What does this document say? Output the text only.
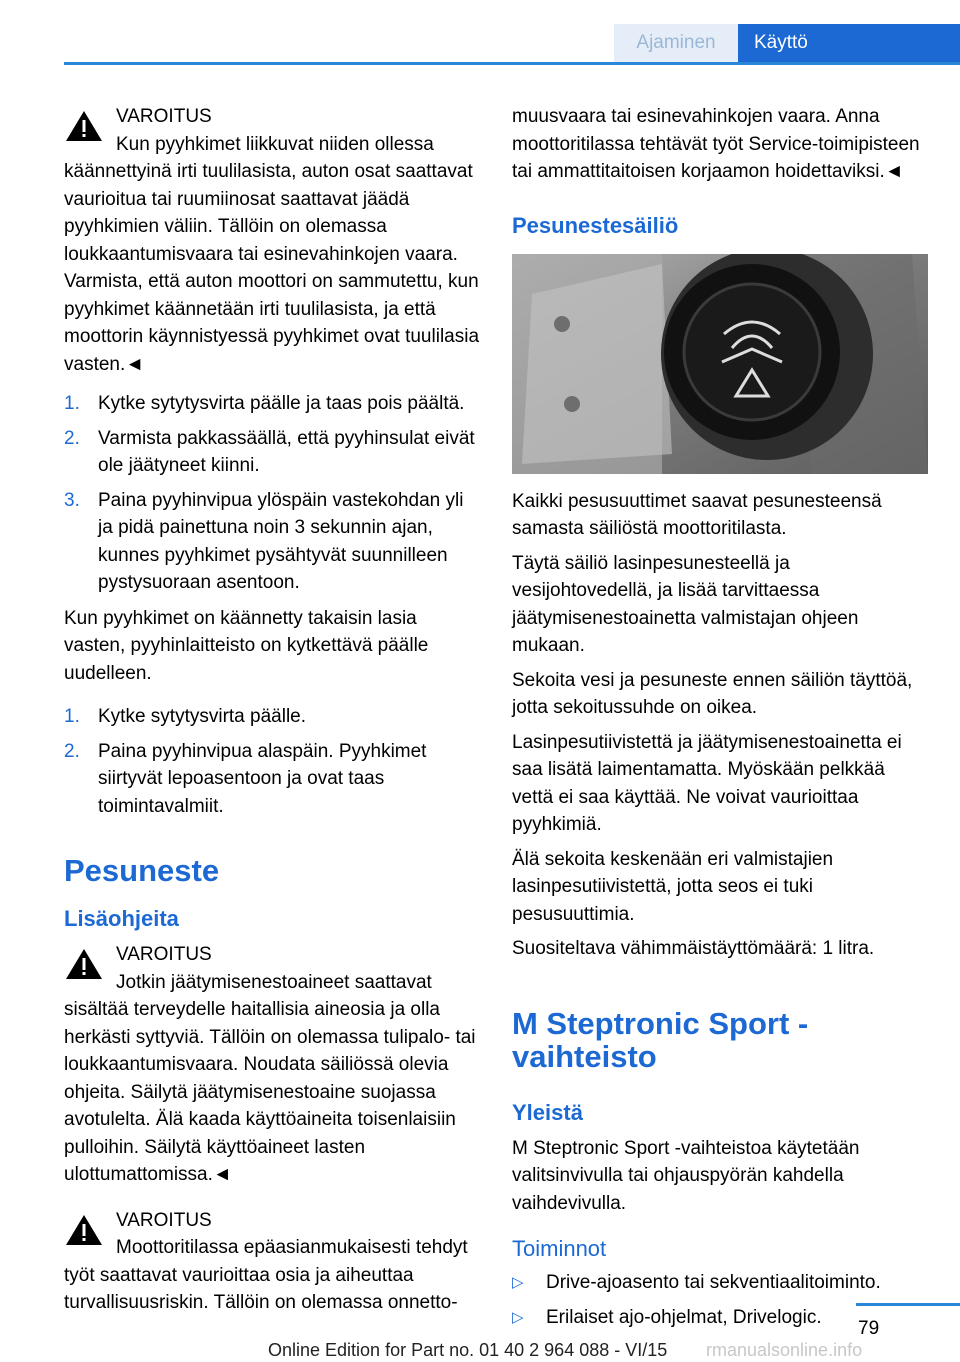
Ajaminen	Käyttö
VAROITUS
Kun pyyhkimet liikkuvat niiden ollessa käännettyinä irti tuulilasista, auton osat saattavat vaurioitua tai ruumiinosat saattavat jäädä pyyhkimien väliin. Tällöin on olemassa loukkaantumisvaara tai esinevahinkojen vaara. Varmista, että auton moottori on sammutettu, kun pyyhkimet käännetään irti tuulilasista, ja että moottorin käynnistyessä pyyhkimet ovat tuulilasia vasten.◄
1. Kytke sytytysvirta päälle ja taas pois päältä.
2. Varmista pakkassäällä, että pyyhinsulat eivät ole jäätyneet kiinni.
3. Paina pyyhinvipua ylöspäin vastekohdan yli ja pidä painettuna noin 3 sekunnin ajan, kunnes pyyhkimet pysähtyvät suunnilleen pystysuoraan asentoon.

Kun pyyhkimet on käännetty takaisin lasia vasten, pyyhinlaitteisto on kytkettävä päälle uudelleen.

1. Kytke sytytysvirta päälle.
2. Paina pyyhinvipua alaspäin. Pyyhkimet siirtyvät lepoasentoon ja ovat taas toimintavalmiit.
Pesuneste
Lisäohjeita
VAROITUS
Jotkin jäätymisenestoaineet saattavat sisältää terveydelle haitallisia aineosia ja olla herkästi syttyviä. Tällöin on olemassa tulipalo- tai loukkaantumisvaara. Noudata säiliössä olevia ohjeita. Säilytä jäätymisenestoaine suojassa avotulelta. Älä kaada käyttöaineita toisenlaisiin pulloihin. Säilytä käyttöaineet lasten ulottumattomissa.◄
VAROITUS
Moottoritilassa epäasianmukaisesti tehdyt työt saattavat vaurioittaa osia ja aiheuttaa turvallisuusriskin. Tällöin on olemassa onnetto-

muusvaara tai esinevahinkojen vaara. Anna moottoritilassa tehtävät työt Service-toimipisteen tai ammattitaitoisen korjaamon hoidettaviksi.◄

Pesunestesäiliö

Kaikki pesusuuttimet saavat pesunesteensä samasta säiliöstä moottoritilasta.

Täytä säiliö lasinpesunesteellä ja vesijohtovedellä, ja lisää tarvittaessa jäätymisenestoainetta valmistajan ohjeen mukaan.

Sekoita vesi ja pesuneste ennen säiliön täyttöä, jotta sekoitussuhde on oikea.

Lasinpesutiivistettä ja jäätymisenestoainetta ei saa lisätä laimentamatta. Myöskään pelkkää vettä ei saa käyttää. Ne voivat vaurioittaa pyyhkimiä.

Älä sekoita keskenään eri valmistajien lasinpesutiivistettä, jotta seos ei tuki pesusuuttimia.

Suositeltava vähimmäistäyttömäärä: 1 litra.

M Steptronic Sport -vaihteisto
Yleistä

M Steptronic Sport -vaihteistoa käytetään valitsinvivulla tai ohjauspyörän kahdella vaihdevivulla.

Toiminnot
▷ Drive-ajoasento tai sekventiaalitoiminto.
▷ Erilaiset ajo-ohjelmat, Drivelogic.
79
Online Edition for Part no. 01 40 2 964 088 - VI/15 rmanualsonline.info
